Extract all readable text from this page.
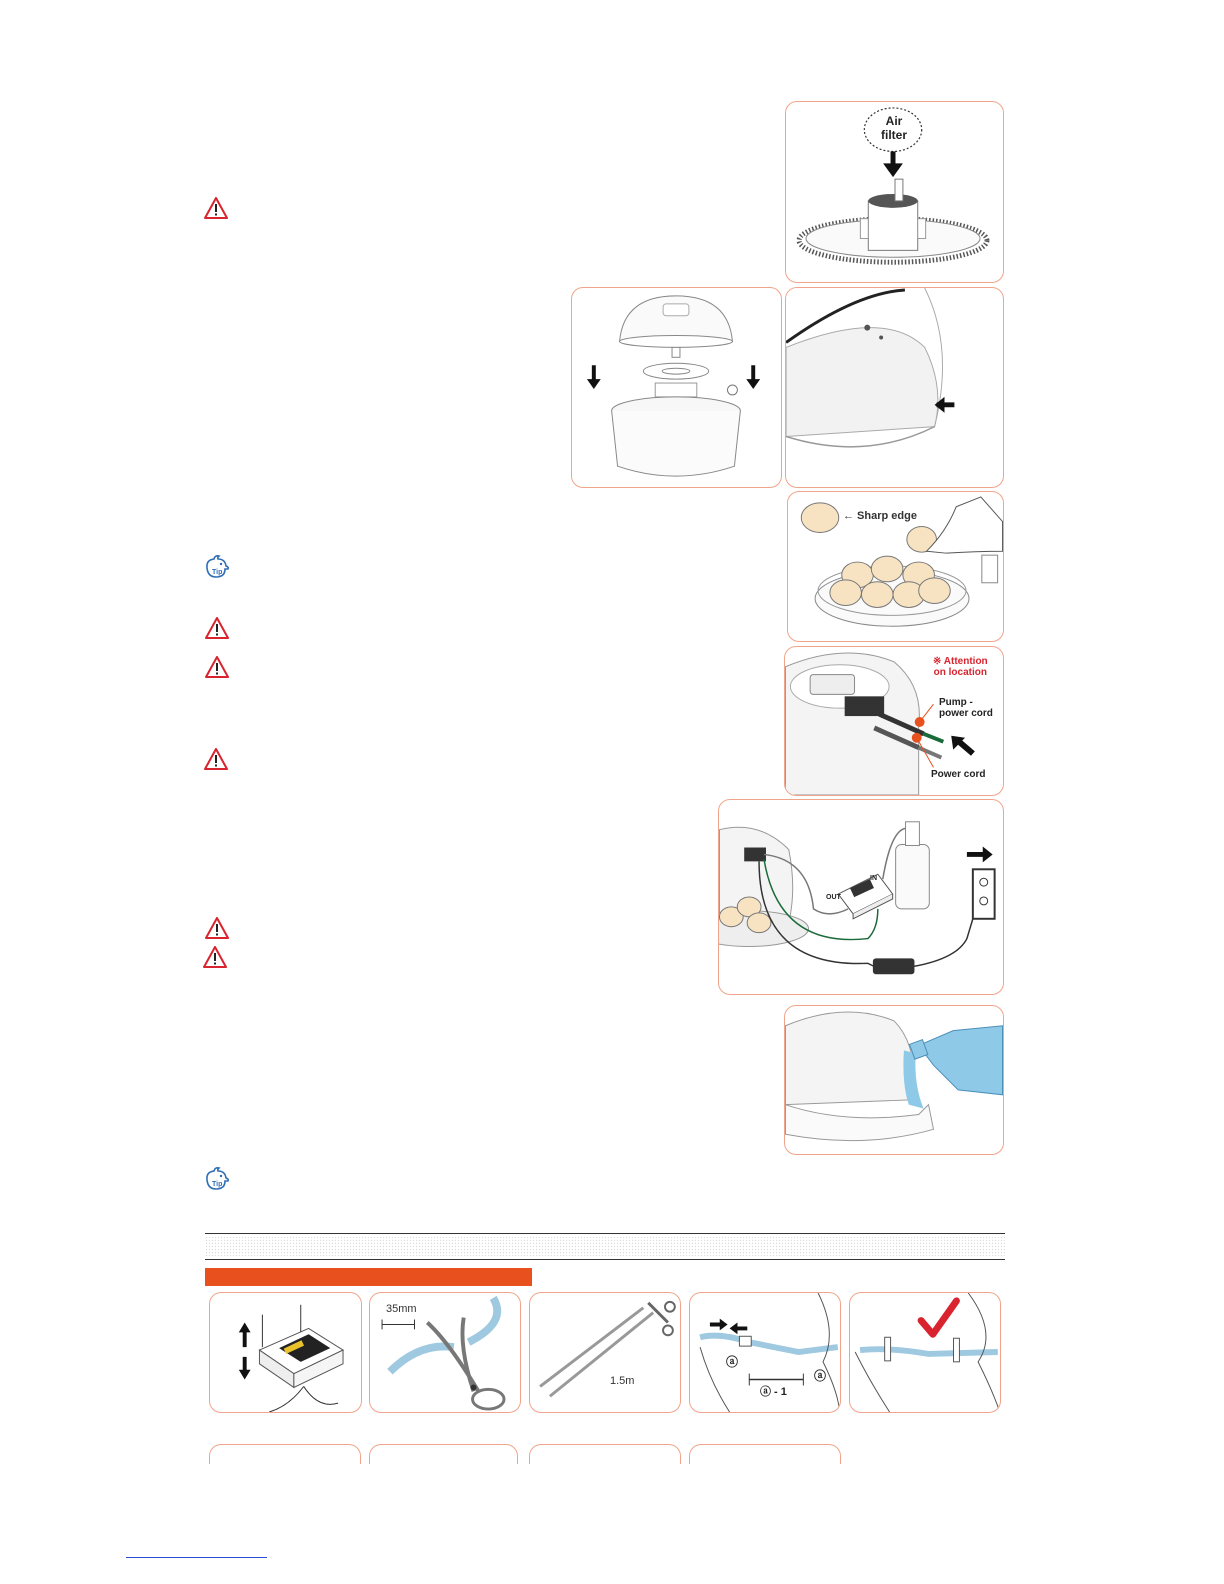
Tip
Tip
Air
filter
← Sharp edge
※ Attention
on location
Pump -
power cord
Power cord
OUT
IN
35mm
1.5m
ⓐ
ⓐ
ⓐ - 1
